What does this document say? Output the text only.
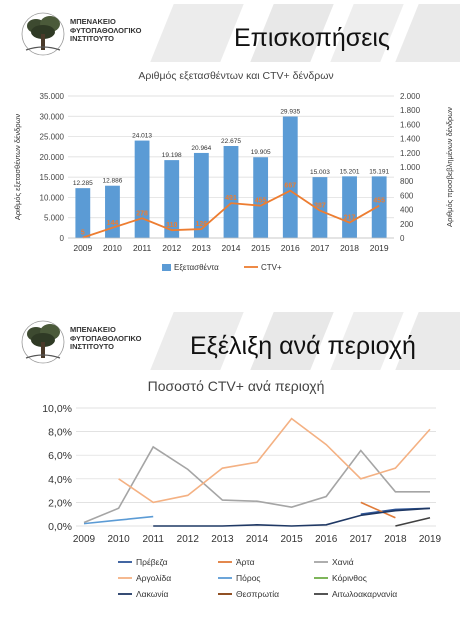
ΜΠΕΝΑΚΕΙΟ
ΦΥΤΟΠΑΘΟΛΟΓΙΚΟ
ΙΝΣΤΙΤΟΥΤΟ	Επισκοπήσεις
Αριθμός εξετασθέντων και CTV+ δένδρων
0
5.000
10.000
15.000
20.000
25.000
30.000
35.000
0
200
400
600
800
1.000
1.200
1.400
1.600
1.800
2.000
12.285 12.886
24.013
19.198
20.964
22.675
19.905
29.935
15.003 15.201 15.191
5
144
278
110	126
491	455
667
387
217
455
2009 2010 2011 2012 2013 2014 2015 2016 2017 2018 2019
Αριθμός εξετασθέντων δένδρων	Αριθμός προσβεβλημένων δένδρων
Εξετασθέντα	CTV+
ΜΠΕΝΑΚΕΙΟ
ΦΥΤΟΠΑΘΟΛΟΓΙΚΟ
ΙΝΣΤΙΤΟΥΤΟ	Εξέλιξη ανά περιοχή
Ποσοστό CTV+ ανά περιοχή
0,0%
2,0%
4,0%
6,0%
8,0%
10,0%
2009 2010 2011 2012 2013 2014 2015 2016 2017 2018 2019
Πρέβεζα	Άρτα	Χανιά
Αργολίδα	Πόρος	Κόρινθος
Λακωνία	Θεσπρωτία	Αιτωλοακαρνανία
